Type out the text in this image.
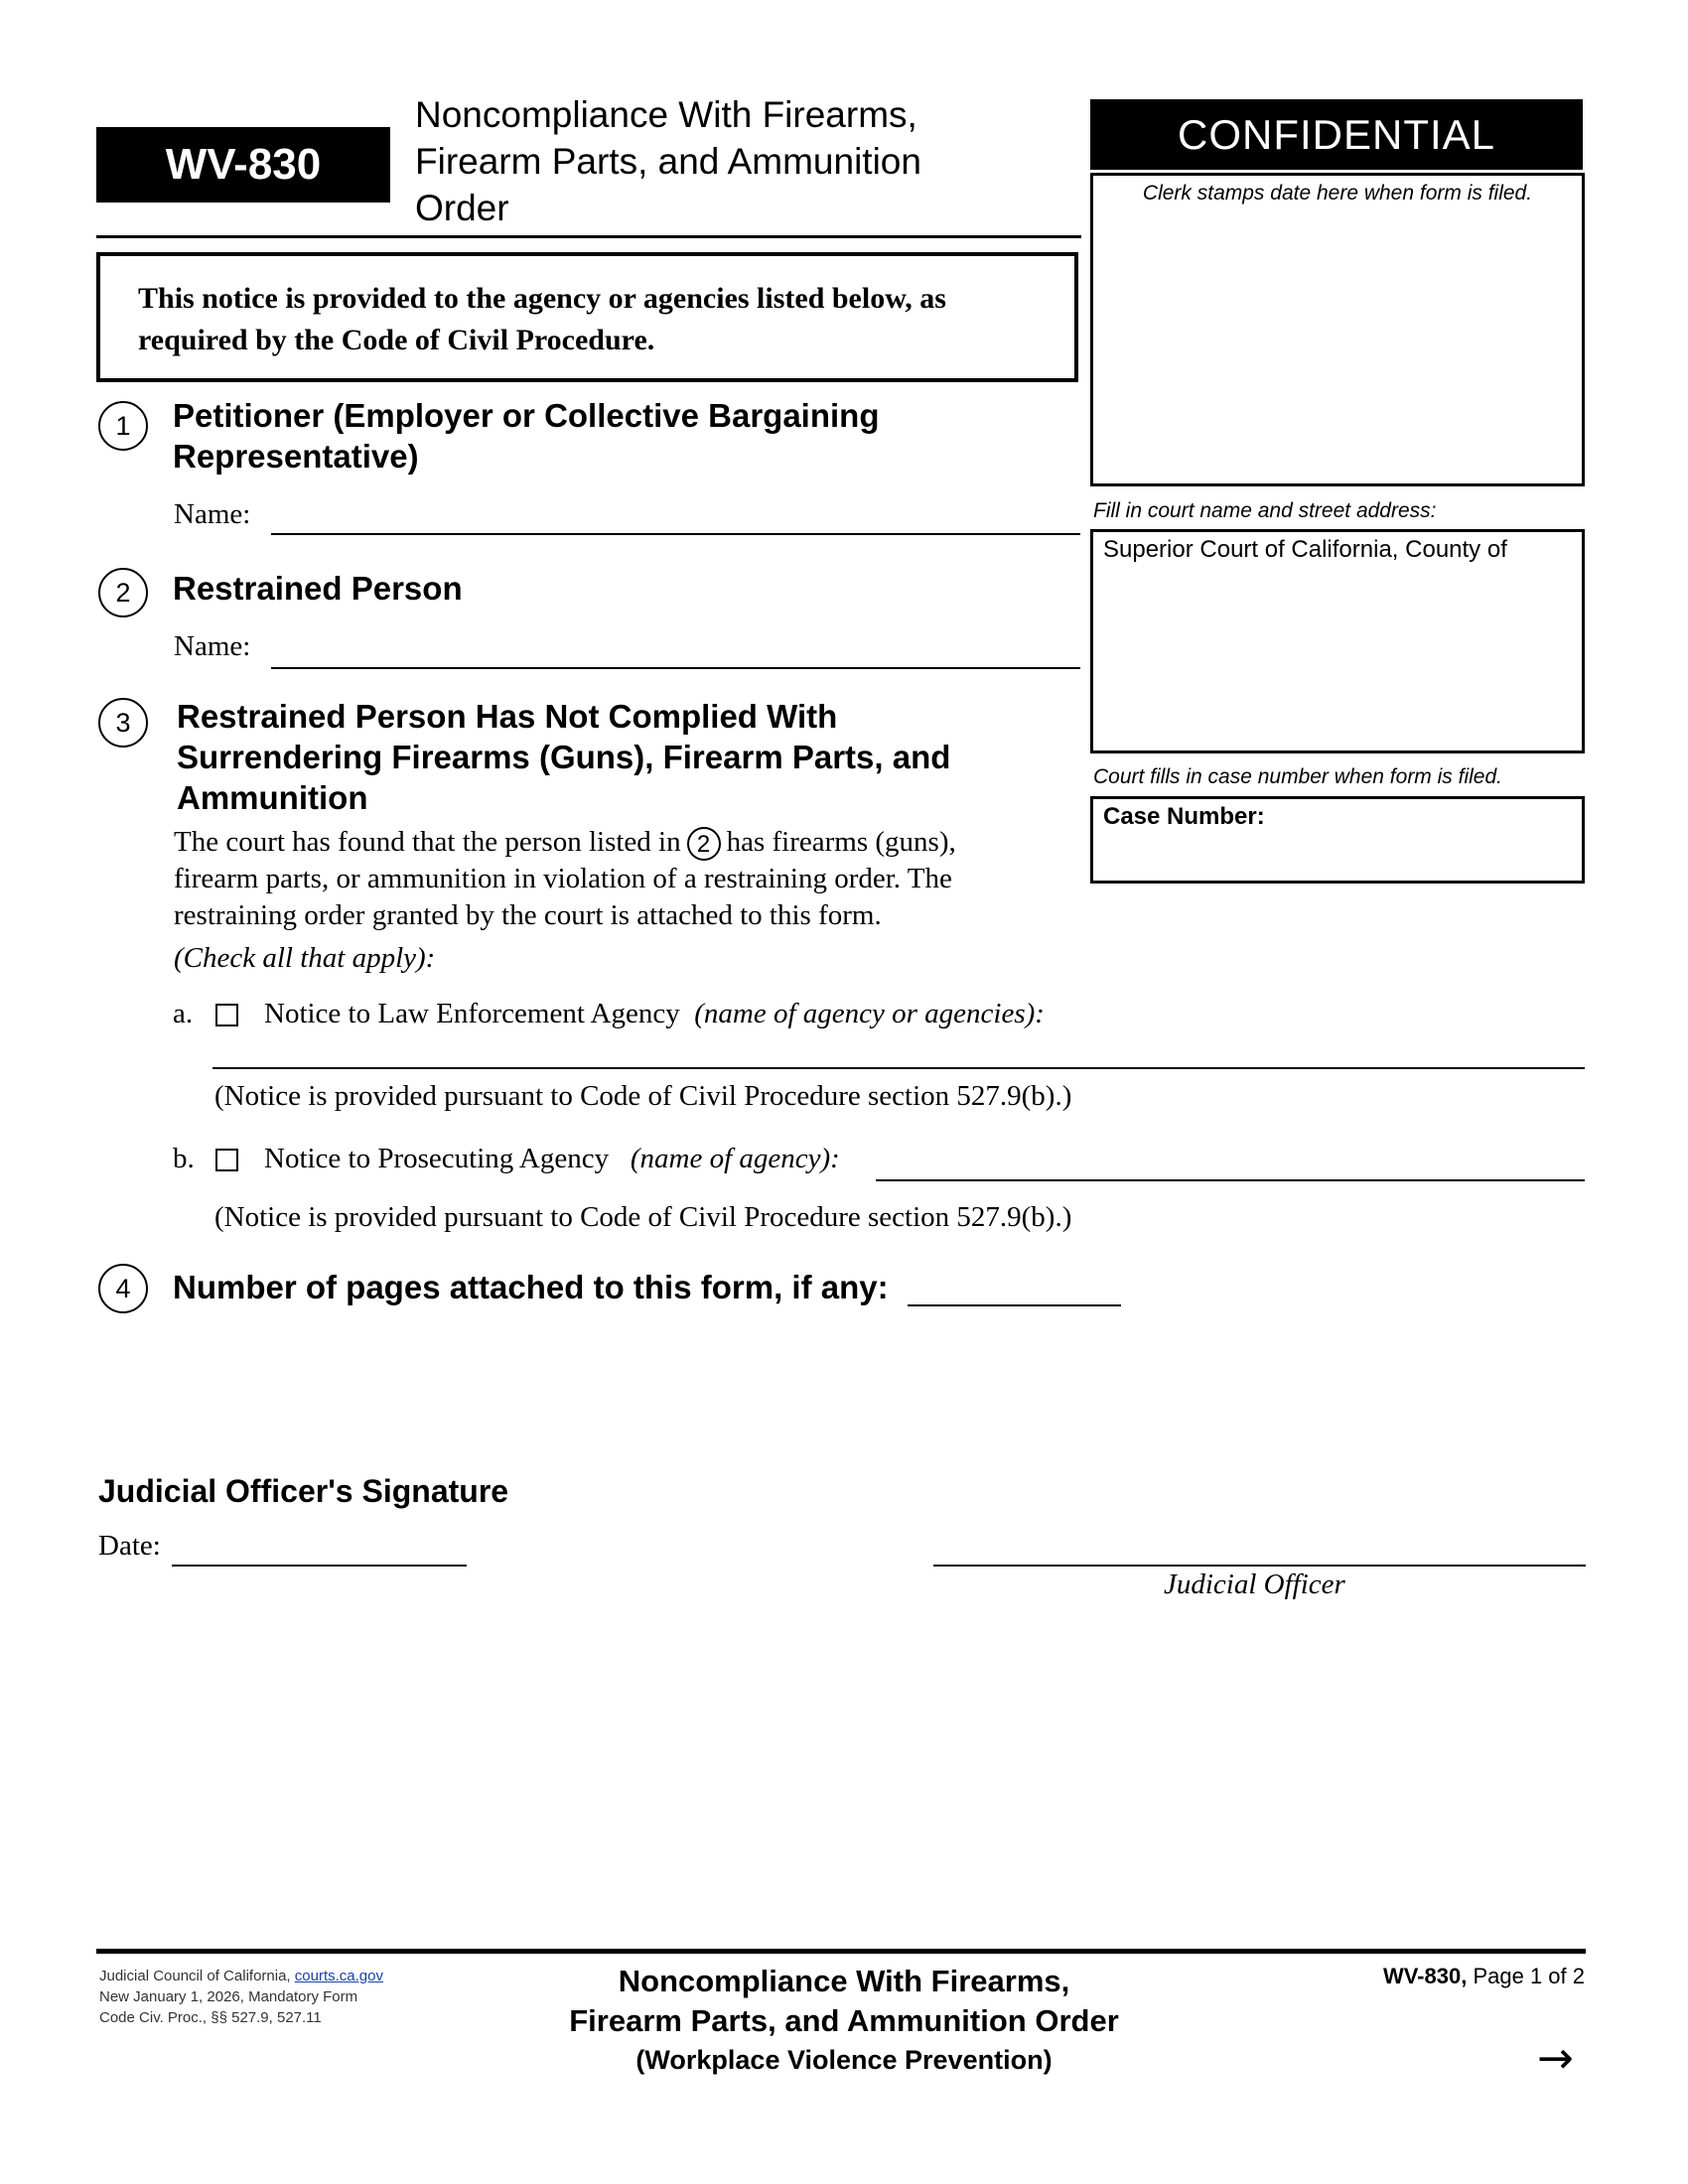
WV-830
Noncompliance With Firearms,
Firearm Parts, and Ammunition
Order
CONFIDENTIAL
Clerk stamps date here when form is filed.
Fill in court name and street address:
Superior Court of California, County of
Court fills in case number when form is filed.
Case Number:
This notice is provided to the agency or agencies listed below, as required by the Code of Civil Procedure.
1 Petitioner (Employer or Collective Bargaining
Representative)
Name:
2 Restrained Person
Name:
3 Restrained Person Has Not Complied With
Surrendering Firearms (Guns), Firearm Parts, and
Ammunition
The court has found that the person listed in 2 has firearms (guns),
firearm parts, or ammunition in violation of a restraining order. The
restraining order granted by the court is attached to this form.
(Check all that apply):
a. Notice to Law Enforcement Agency (name of agency or agencies):
(Notice is provided pursuant to Code of Civil Procedure section 527.9(b).)
b. Notice to Prosecuting Agency (name of agency):
(Notice is provided pursuant to Code of Civil Procedure section 527.9(b).)
4 Number of pages attached to this form, if any:
Judicial Officer's Signature
Date:
Judicial Officer
Judicial Council of California, courts.ca.gov
New January 1, 2026, Mandatory Form
Code Civ. Proc., §§ 527.9, 527.11
Noncompliance With Firearms,
Firearm Parts, and Ammunition Order
(Workplace Violence Prevention)
WV-830, Page 1 of 2
→
